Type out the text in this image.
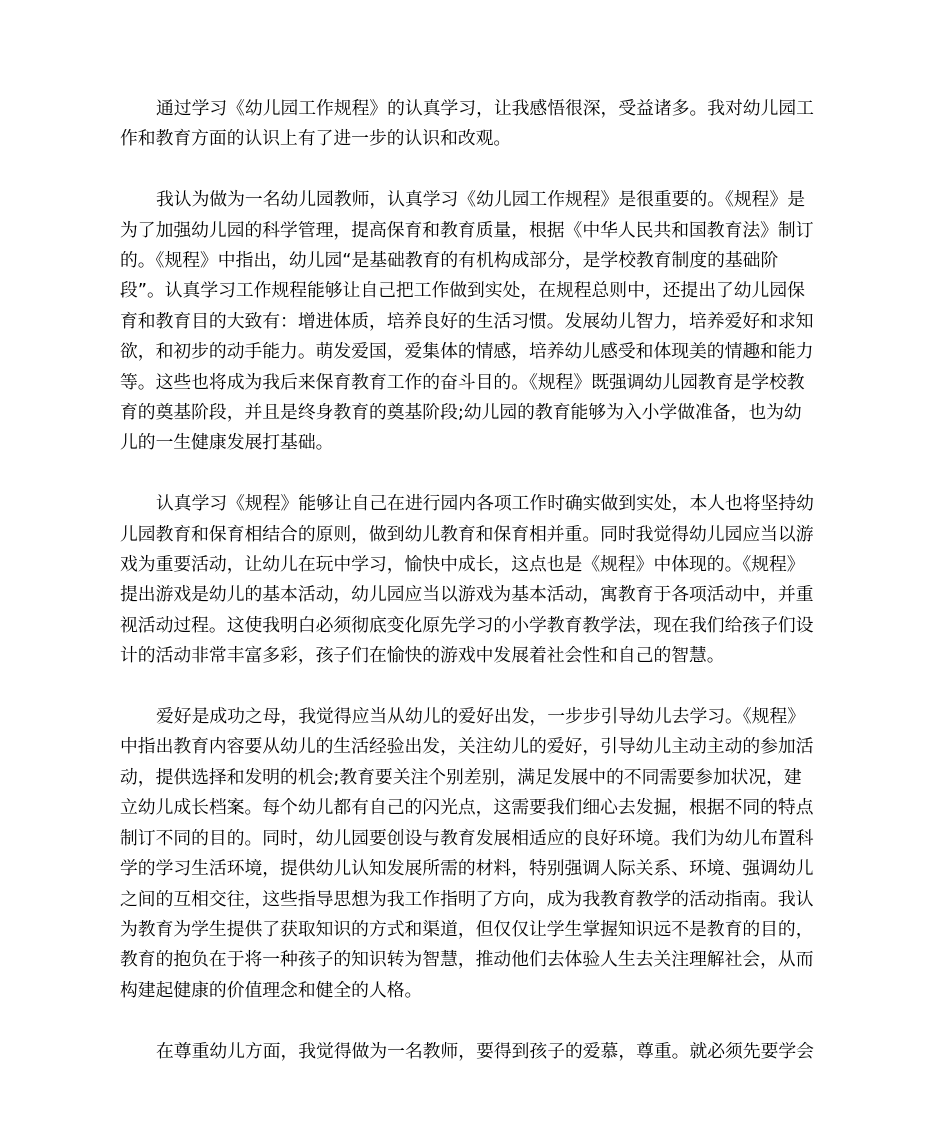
通过学习《幼儿园工作规程》的认真学习，让我感悟很深，受益诸多。我对幼儿园工
作和教育方面的认识上有了进一步的认识和改观。

我认为做为一名幼儿园教师，认真学习《幼儿园工作规程》是很重要的。《规程》是
为了加强幼儿园的科学管理，提高保育和教育质量，根据《中华人民共和国教育法》制订
的。《规程》中指出，幼儿园“是基础教育的有机构成部分，是学校教育制度的基础阶
段”。认真学习工作规程能够让自己把工作做到实处，在规程总则中，还提出了幼儿园保
育和教育目的大致有：增进体质，培养良好的生活习惯。发展幼儿智力，培养爱好和求知
欲，和初步的动手能力。萌发爱国，爱集体的情感，培养幼儿感受和体现美的情趣和能力
等。这些也将成为我后来保育教育工作的奋斗目的。《规程》既强调幼儿园教育是学校教
育的奠基阶段，并且是终身教育的奠基阶段;幼儿园的教育能够为入小学做准备，也为幼
儿的一生健康发展打基础。

认真学习《规程》能够让自己在进行园内各项工作时确实做到实处，本人也将坚持幼
儿园教育和保育相结合的原则，做到幼儿教育和保育相并重。同时我觉得幼儿园应当以游
戏为重要活动，让幼儿在玩中学习，愉快中成长，这点也是《规程》中体现的。《规程》
提出游戏是幼儿的基本活动，幼儿园应当以游戏为基本活动，寓教育于各项活动中，并重
视活动过程。这使我明白必须彻底变化原先学习的小学教育教学法，现在我们给孩子们设
计的活动非常丰富多彩，孩子们在愉快的游戏中发展着社会性和自己的智慧。

爱好是成功之母，我觉得应当从幼儿的爱好出发，一步步引导幼儿去学习。《规程》
中指出教育内容要从幼儿的生活经验出发，关注幼儿的爱好，引导幼儿主动主动的参加活
动，提供选择和发明的机会;教育要关注个别差别，满足发展中的不同需要参加状况，建
立幼儿成长档案。每个幼儿都有自己的闪光点，这需要我们细心去发掘，根据不同的特点
制订不同的目的。同时，幼儿园要创设与教育发展相适应的良好环境。我们为幼儿布置科
学的学习生活环境，提供幼儿认知发展所需的材料，特别强调人际关系、环境、强调幼儿
之间的互相交往，这些指导思想为我工作指明了方向，成为我教育教学的活动指南。我认
为教育为学生提供了获取知识的方式和渠道，但仅仅让学生掌握知识远不是教育的目的，
教育的抱负在于将一种孩子的知识转为智慧，推动他们去体验人生去关注理解社会，从而
构建起健康的价值理念和健全的人格。

在尊重幼儿方面，我觉得做为一名教师，要得到孩子的爱慕，尊重。就必须先要学会
